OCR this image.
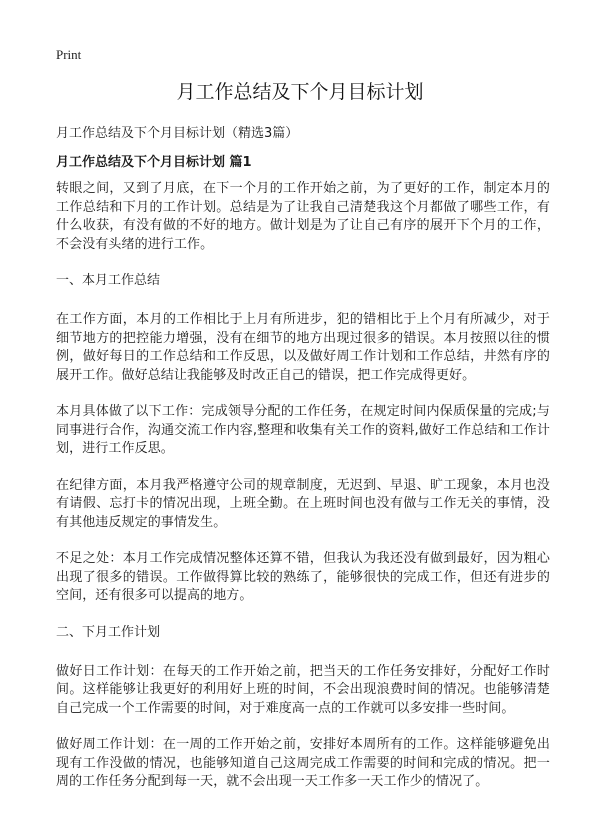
Print
月工作总结及下个月目标计划

月工作总结及下个月目标计划（精选3篇）

月工作总结及下个月目标计划 篇1

转眼之间，又到了月底，在下一个月的工作开始之前，为了更好的工作，制定本月的工作总结和下月的工作计划。总结是为了让我自己清楚我这个月都做了哪些工作，有什么收获，有没有做的不好的地方。做计划是为了让自己有序的展开下个月的工作，不会没有头绪的进行工作。

一、本月工作总结

在工作方面，本月的工作相比于上月有所进步，犯的错相比于上个月有所减少，对于细节地方的把控能力增强，没有在细节的地方出现过很多的错误。本月按照以往的惯例，做好每日的工作总结和工作反思，以及做好周工作计划和工作总结，井然有序的展开工作。做好总结让我能够及时改正自己的错误，把工作完成得更好。

本月具体做了以下工作：完成领导分配的工作任务，在规定时间内保质保量的完成;与同事进行合作，沟通交流工作内容,整理和收集有关工作的资料,做好工作总结和工作计划，进行工作反思。

在纪律方面，本月我严格遵守公司的规章制度，无迟到、早退、旷工现象，本月也没有请假、忘打卡的情况出现，上班全勤。在上班时间也没有做与工作无关的事情，没有其他违反规定的事情发生。

不足之处：本月工作完成情况整体还算不错，但我认为我还没有做到最好，因为粗心出现了很多的错误。工作做得算比较的熟练了，能够很快的完成工作，但还有进步的空间，还有很多可以提高的地方。

二、下月工作计划

做好日工作计划：在每天的工作开始之前，把当天的工作任务安排好，分配好工作时间。这样能够让我更好的利用好上班的时间，不会出现浪费时间的情况。也能够清楚自己完成一个工作需要的时间，对于难度高一点的工作就可以多安排一些时间。

做好周工作计划：在一周的工作开始之前，安排好本周所有的工作。这样能够避免出现有工作没做的情况，也能够知道自己这周完成工作需要的时间和完成的情况。把一周的工作任务分配到每一天，就不会出现一天工作多一天工作少的情况了。
